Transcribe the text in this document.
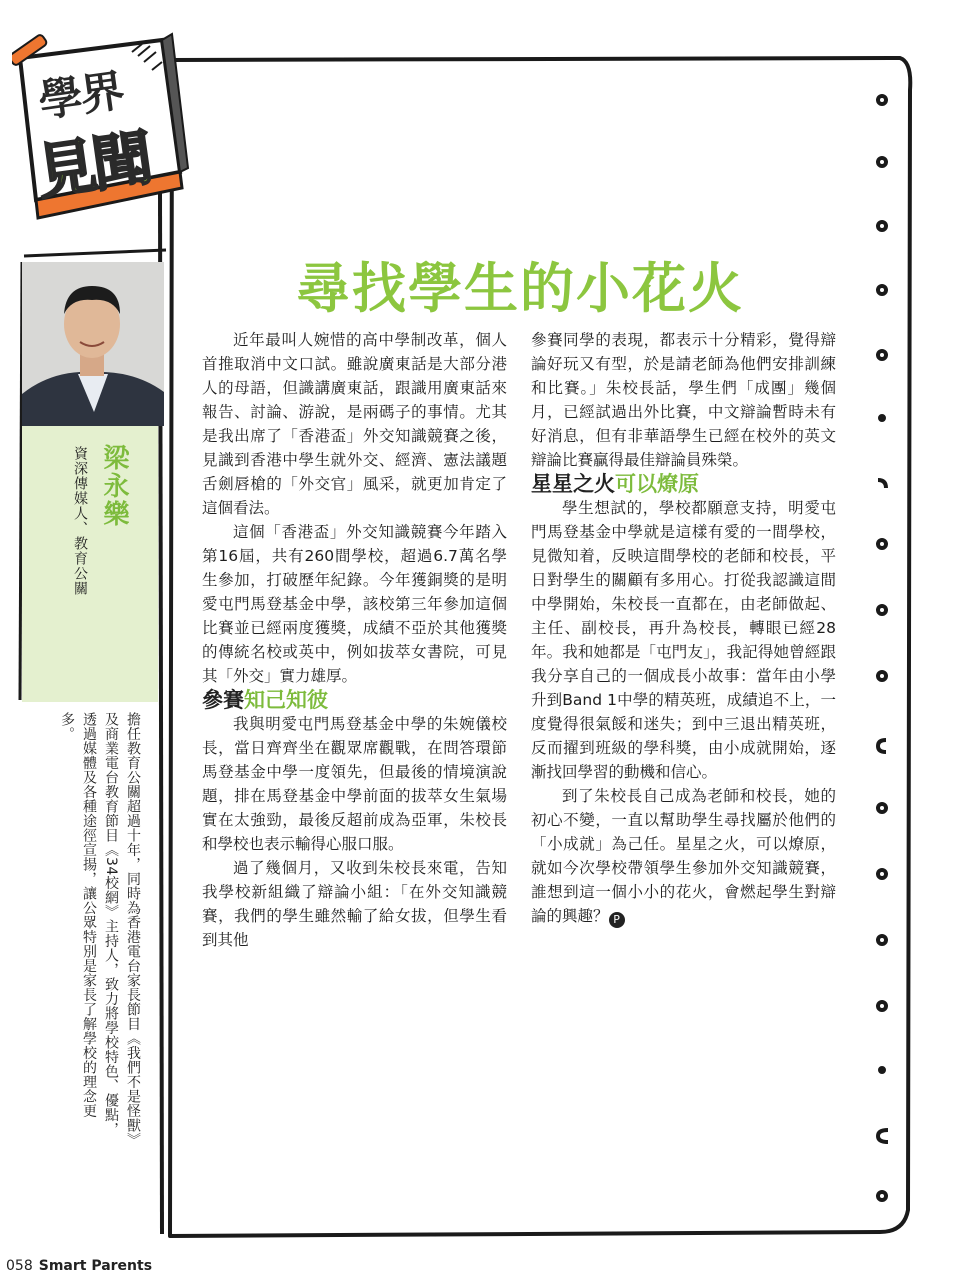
學界
見聞
梁永樂
資深傳媒人、教育公關
擔任教育公關超過十年，同時為香港電台家長節目《我們不是怪獸》及商業電台教育節目《34校網》主持人，致力將學校特色、優點，透過媒體及各種途徑宣揚，讓公眾特別是家長了解學校的理念更多。
尋找學生的小花火

近年最叫人婉惜的高中學制改革，個人首推取消中文口試。雖說廣東話是大部分港人的母語，但識講廣東話，跟識用廣東話來報告、討論、游說，是兩碼子的事情。尤其是我出席了「香港盃」外交知識競賽之後，見識到香港中學生就外交、經濟、憲法議題舌劍唇槍的「外交官」風采，就更加肯定了這個看法。

這個「香港盃」外交知識競賽今年踏入第16屆，共有260間學校，超過6.7萬名學生參加，打破歷年紀錄。今年獲銅獎的是明愛屯門馬登基金中學，該校第三年參加這個比賽並已經兩度獲獎，成績不亞於其他獲獎的傳統名校或英中，例如拔萃女書院，可見其「外交」實力雄厚。

參賽知己知彼

我與明愛屯門馬登基金中學的朱婉儀校長，當日齊齊坐在觀眾席觀戰，在問答環節馬登基金中學一度領先，但最後的情境演說題，排在馬登基金中學前面的拔萃女生氣場實在太強勁，最後反超前成為亞軍，朱校長和學校也表示輸得心服口服。

過了幾個月，又收到朱校長來電，告知我學校新組織了辯論小組：「在外交知識競賽，我們的學生雖然輸了給女拔，但學生看到其他

參賽同學的表現，都表示十分精彩，覺得辯論好玩又有型，於是請老師為他們安排訓練和比賽。」朱校長話，學生們「成團」幾個月，已經試過出外比賽，中文辯論暫時未有好消息，但有非華語學生已經在校外的英文辯論比賽贏得最佳辯論員殊榮。

星星之火可以燎原

學生想試的，學校都願意支持，明愛屯門馬登基金中學就是這樣有愛的一間學校，見微知着，反映這間學校的老師和校長，平日對學生的關顧有多用心。打從我認識這間中學開始，朱校長一直都在，由老師做起、主任、副校長，再升為校長，轉眼已經28年。我和她都是「屯門友」，我記得她曾經跟我分享自己的一個成長小故事：當年由小學升到Band 1中學的精英班，成績追不上，一度覺得很氣餒和迷失；到中三退出精英班，反而擢到班級的學科獎，由小成就開始，逐漸找回學習的動機和信心。

到了朱校長自己成為老師和校長，她的初心不變，一直以幫助學生尋找屬於他們的「小成就」為己任。星星之火，可以燎原，就如今次學校帶領學生參加外交知識競賽，誰想到這一個小小的花火，會燃起學生對辯論的興趣？ P

058 Smart Parents
